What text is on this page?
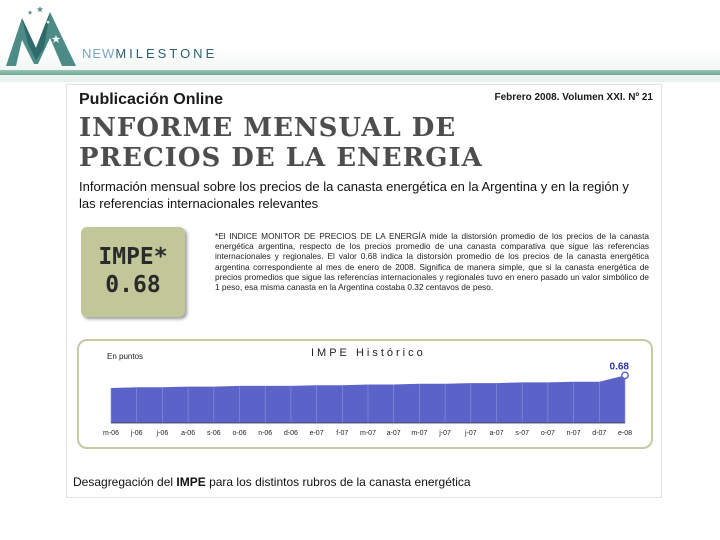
NEWMILESTONE
Publicación Online	Febrero 2008. Volumen XXI. Nº 21
INFORME MENSUAL DE
PRECIOS DE LA ENERGIA
Información mensual sobre los precios de la canasta energética en la Argentina y en la región y las referencias internacionales relevantes
IMPE*
0.68
*El INDICE MONITOR DE PRECIOS DE LA ENERGÍA mide la distorsión promedio de los precios de la canasta energética argentina, respecto de los precios promedio de una canasta comparativa que sigue las referencias internacionales y regionales. El valor 0.68 indica la distorsión promedio de los precios de la canasta energética argentina correspondiente al mes de enero de 2008. Significa de manera simple, que si la canasta energética de precios promedios que sigue las referencias internacionales y regionales tuvo en enero pasado un valor simbólico de 1 peso, esa misma canasta en la Argentina costaba 0.32 centavos de peso.
m-06 j-06 j-06 a-06 s-06 o-06 n-06 d-06 e-07 f-07 m-07 a-07 m-07 j-07 j-07 a-07 s-07 o-07 n-07 d-07 e-08
0.68
IMPE Histórico
En puntos
Desagregación del IMPE para los distintos rubros de la canasta energética
